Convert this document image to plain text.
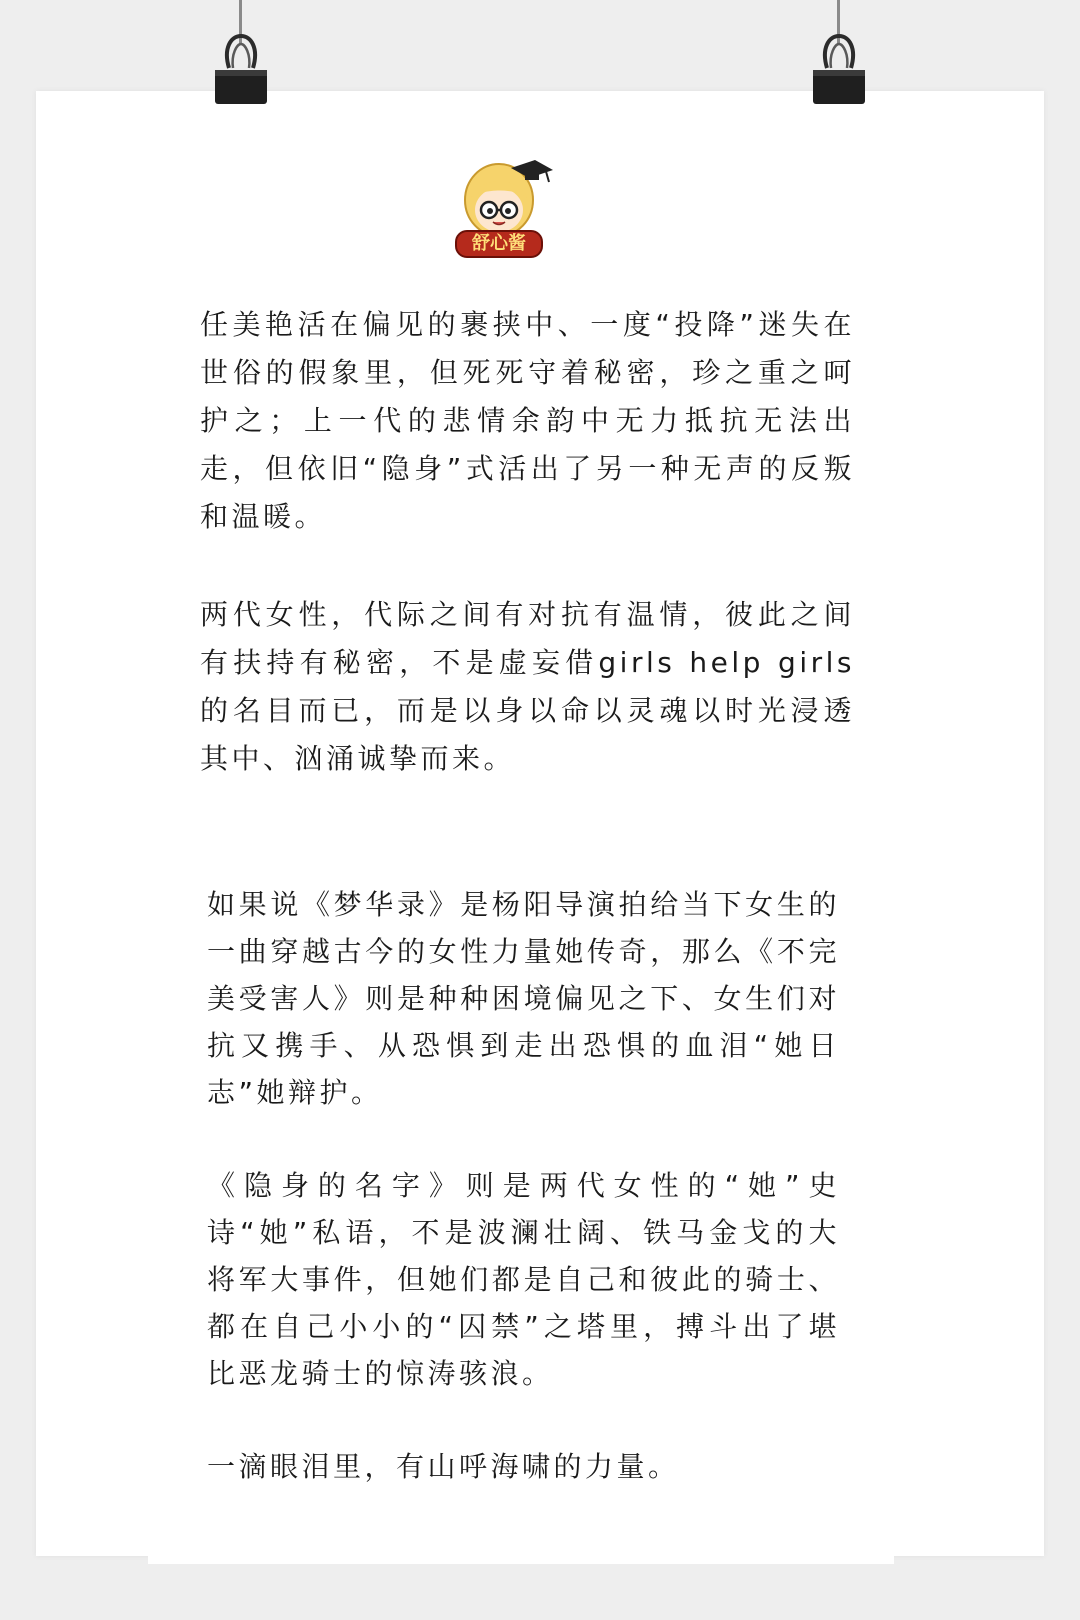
舒心酱

任美艳活在偏见的裹挟中、一度“投降”迷失在世俗的假象里，但死死守着秘密，珍之重之呵护之；上一代的悲情余韵中无力抵抗无法出走，但依旧“隐身”式活出了另一种无声的反叛和温暖。

两代女性，代际之间有对抗有温情，彼此之间有扶持有秘密，不是虚妄借girls help girls的名目而已，而是以身以命以灵魂以时光浸透其中、汹涌诚挚而来。

如果说《梦华录》是杨阳导演拍给当下女生的一曲穿越古今的女性力量她传奇，那么《不完美受害人》则是种种困境偏见之下、女生们对抗又携手、从恐惧到走出恐惧的血泪“她日志”她辩护。

《隐身的名字》则是两代女性的“她”史诗“她”私语，不是波澜壮阔、铁马金戈的大将军大事件，但她们都是自己和彼此的骑士、都在自己小小的“囚禁”之塔里，搏斗出了堪比恶龙骑士的惊涛骇浪。

一滴眼泪里，有山呼海啸的力量。
